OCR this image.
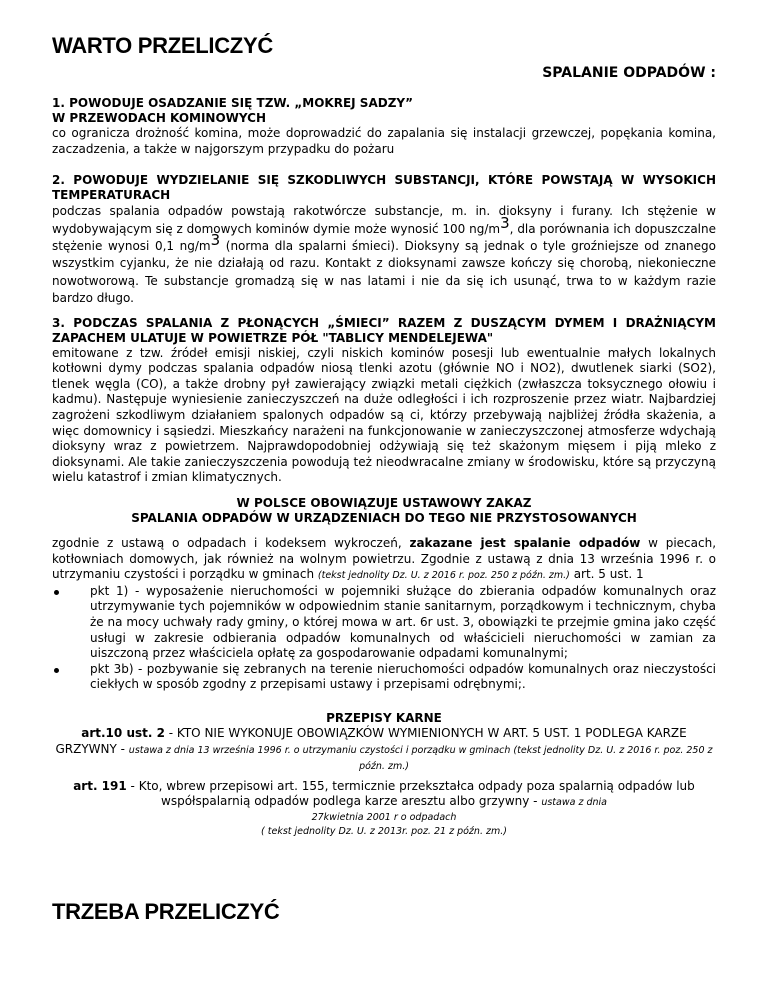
WARTO PRZELICZYĆ
SPALANIE ODPADÓW :
1. POWODUJE OSADZANIE SIĘ TZW. „MOKREJ SADZY”
W PRZEWODACH KOMINOWYCH

co ogranicza drożność komina, może doprowadzić do zapalania się instalacji grzewczej, popękania komina, zaczadzenia, a także w najgorszym przypadku do pożaru

2. POWODUJE WYDZIELANIE SIĘ SZKODLIWYCH SUBSTANCJI, KTÓRE POWSTAJĄ W WYSOKICH TEMPERATURACH

podczas spalania odpadów powstają rakotwórcze substancje, m. in. dioksyny i furany. Ich stężenie w wydobywającym się z domowych kominów dymie może wynosić 100 $ng/m^3$, dla porównania ich dopuszczalne stężenie wynosi 0,1 $ng/m^3$ (norma dla spalarni śmieci). Dioksyny są jednak o tyle groźniejsze od znanego wszystkim cyjanku, że nie działają od razu. Kontakt z dioksynami zawsze kończy się chorobą, niekonieczne nowotworową. Te substancje gromadzą się w nas latami i nie da się ich usunąć, trwa to w każdym razie bardzo długo.

3. PODCZAS SPALANIA Z PŁONĄCYCH „ŚMIECI” RAZEM Z DUSZĄCYM DYMEM I DRAŻNIĄCYM ZAPACHEM ULATUJE W POWIETRZE PÓŁ "TABLICY MENDELEJEWA"

emitowane z tzw. źródeł emisji niskiej, czyli niskich kominów posesji lub ewentualnie małych lokalnych kotłowni dymy podczas spalania odpadów niosą tlenki azotu (głównie NO i NO2), dwutlenek siarki (SO2), tlenek węgla (CO), a także drobny pył zawierający związki metali ciężkich (zwłaszcza toksycznego ołowiu i kadmu). Następuje wyniesienie zanieczyszczeń na duże odległości i ich rozproszenie przez wiatr. Najbardziej zagrożeni szkodliwym działaniem spalonych odpadów są ci, którzy przebywają najbliżej źródła skażenia, a więc domownicy i sąsiedzi. Mieszkańcy narażeni na funkcjonowanie w zanieczyszczonej atmosferze wdychają dioksyny wraz z powietrzem. Najprawdopodobniej odżywiają się też skażonym mięsem i piją mleko z dioksynami. Ale takie zanieczyszczenia powodują też nieodwracalne zmiany w środowisku, które są przyczyną wielu katastrof i zmian klimatycznych.

W POLSCE OBOWIĄZUJE USTAWOWY ZAKAZ
SPALANIA ODPADÓW W URZĄDZENIACH DO TEGO NIE PRZYSTOSOWANYCH

zgodnie z ustawą o odpadach i kodeksem wykroczeń, zakazane jest spalanie odpadów w piecach, kotłowniach domowych, jak również na wolnym powietrzu. Zgodnie z ustawą z dnia 13 września 1996 r. o utrzymaniu czystości i porządku w gminach (tekst jednolity Dz. U. z 2016 r. poz. 250 z późn. zm.) art. 5 ust. 1

pkt 1) - wyposażenie nieruchomości w pojemniki służące do zbierania odpadów komunalnych oraz utrzymywanie tych pojemników w odpowiednim stanie sanitarnym, porządkowym i technicznym, chyba że na mocy uchwały rady gminy, o której mowa w art. 6r ust. 3, obowiązki te przejmie gmina jako część usługi w zakresie odbierania odpadów komunalnych od właścicieli nieruchomości w zamian za uiszczoną przez właściciela opłatę za gospodarowanie odpadami komunalnymi;
pkt 3b) - pozbywanie się zebranych na terenie nieruchomości odpadów komunalnych oraz nieczystości ciekłych w sposób zgodny z przepisami ustawy i przepisami odrębnymi;.
PRZEPISY KARNE
art.10 ust. 2 - KTO NIE WYKONUJE OBOWIĄZKÓW WYMIENIONYCH W ART. 5 UST. 1 PODLEGA KARZE GRZYWNY - ustawa z dnia 13 września 1996 r. o utrzymaniu czystości i porządku w gminach (tekst jednolity Dz. U. z 2016 r. poz. 250 z późn. zm.)
art. 191 - Kto, wbrew przepisowi art. 155, termicznie przekształca odpady poza spalarnią odpadów lub współspalarnią odpadów podlega karze aresztu albo grzywny - ustawa z dnia
27kwietnia 2001 r o odpadach
( tekst jednolity Dz. U. z 2013r. poz. 21 z późn. zm.)
TRZEBA PRZELICZYĆ
